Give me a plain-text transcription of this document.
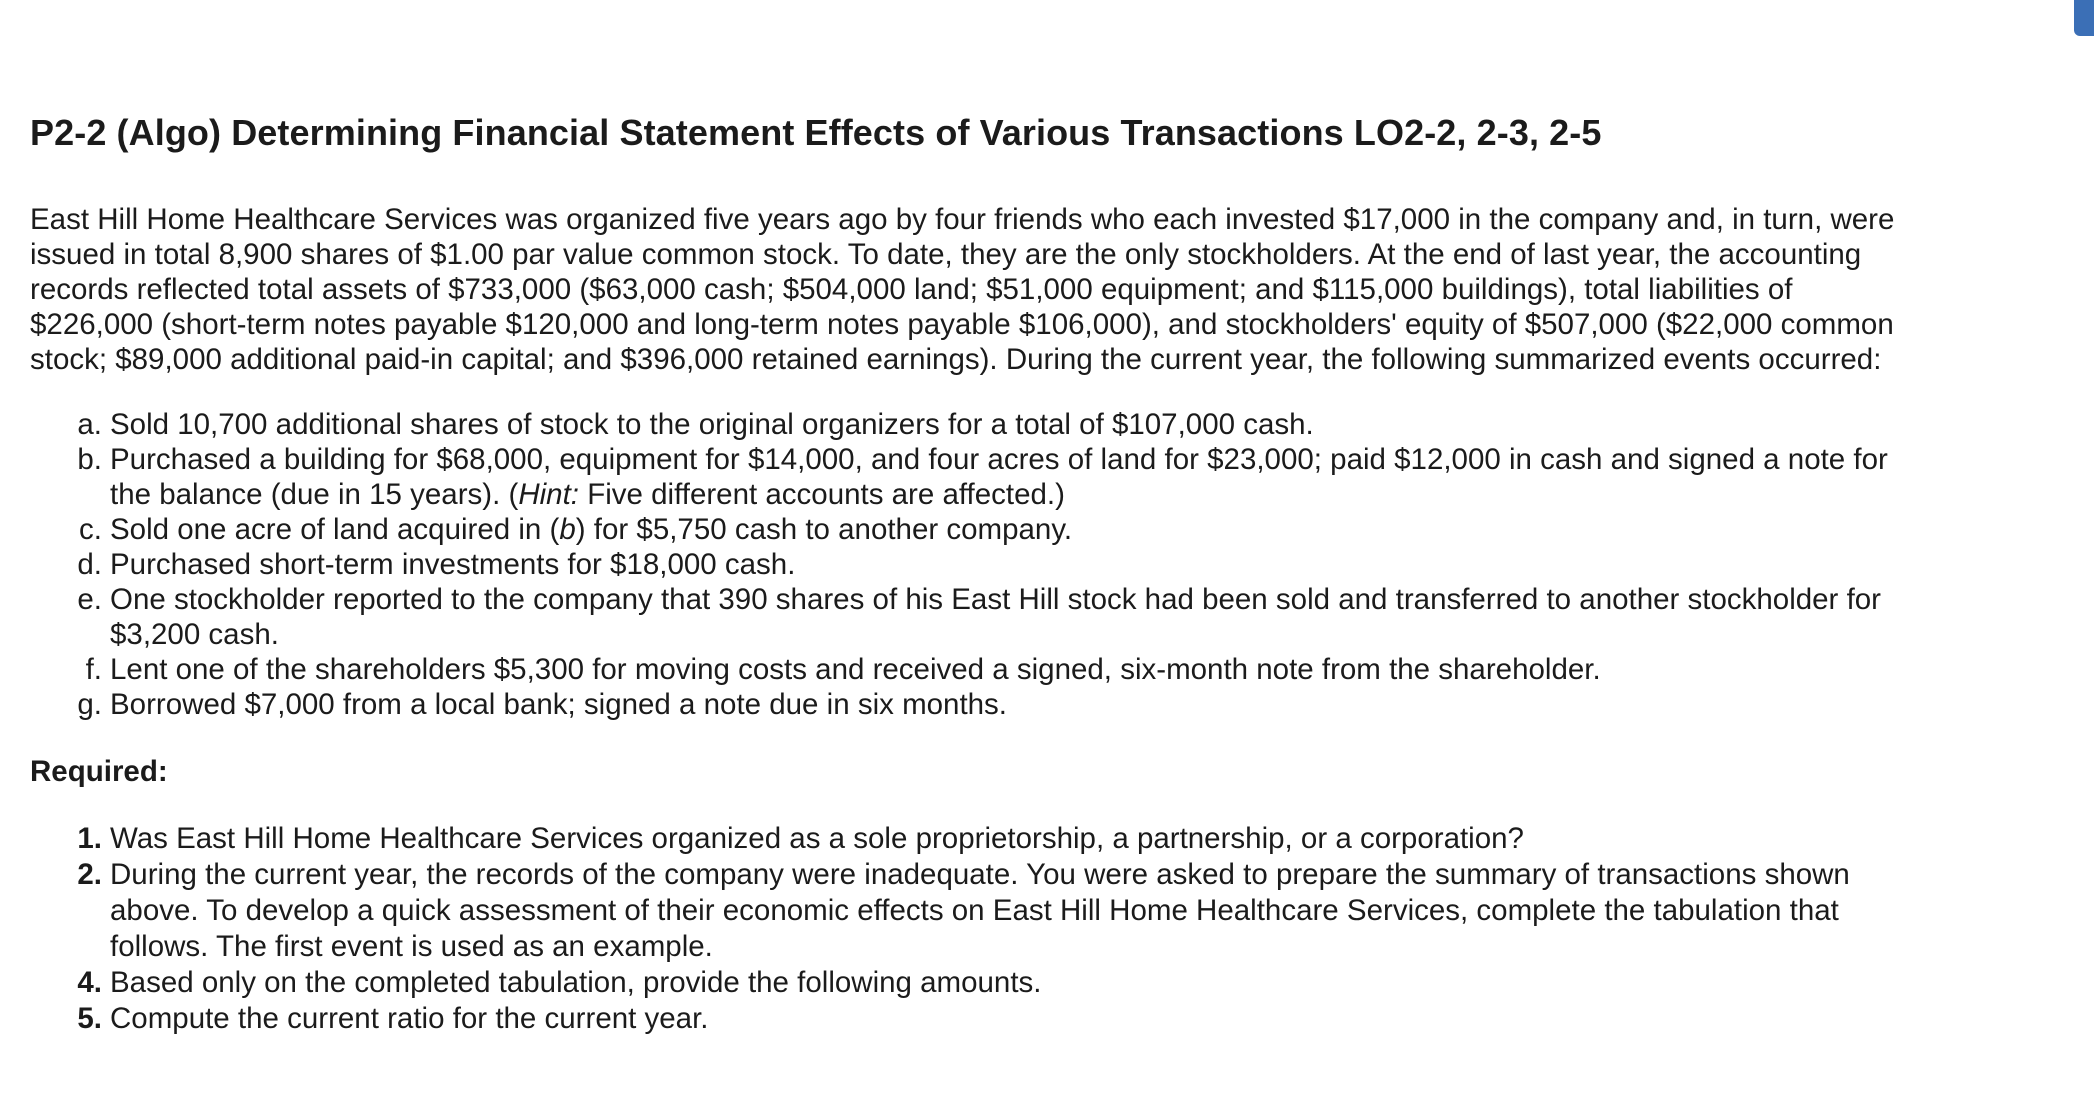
P2-2 (Algo) Determining Financial Statement Effects of Various Transactions LO2-2, 2-3, 2-5

East Hill Home Healthcare Services was organized five years ago by four friends who each invested $17,000 in the company and, in turn, were issued in total 8,900 shares of $1.00 par value common stock. To date, they are the only stockholders. At the end of last year, the accounting records reflected total assets of $733,000 ($63,000 cash; $504,000 land; $51,000 equipment; and $115,000 buildings), total liabilities of $226,000 (short-term notes payable $120,000 and long-term notes payable $106,000), and stockholders' equity of $507,000 ($22,000 common stock; $89,000 additional paid-in capital; and $396,000 retained earnings). During the current year, the following summarized events occurred:

a. Sold 10,700 additional shares of stock to the original organizers for a total of $107,000 cash.
b. Purchased a building for $68,000, equipment for $14,000, and four acres of land for $23,000; paid $12,000 in cash and signed a note for the balance (due in 15 years). (Hint: Five different accounts are affected.)
c. Sold one acre of land acquired in (b) for $5,750 cash to another company.
d. Purchased short-term investments for $18,000 cash.
e. One stockholder reported to the company that 390 shares of his East Hill stock had been sold and transferred to another stockholder for $3,200 cash.
f. Lent one of the shareholders $5,300 for moving costs and received a signed, six-month note from the shareholder.
g. Borrowed $7,000 from a local bank; signed a note due in six months.
Required:
1. Was East Hill Home Healthcare Services organized as a sole proprietorship, a partnership, or a corporation?
2. During the current year, the records of the company were inadequate. You were asked to prepare the summary of transactions shown above. To develop a quick assessment of their economic effects on East Hill Home Healthcare Services, complete the tabulation that follows. The first event is used as an example.
4. Based only on the completed tabulation, provide the following amounts.
5. Compute the current ratio for the current year.
